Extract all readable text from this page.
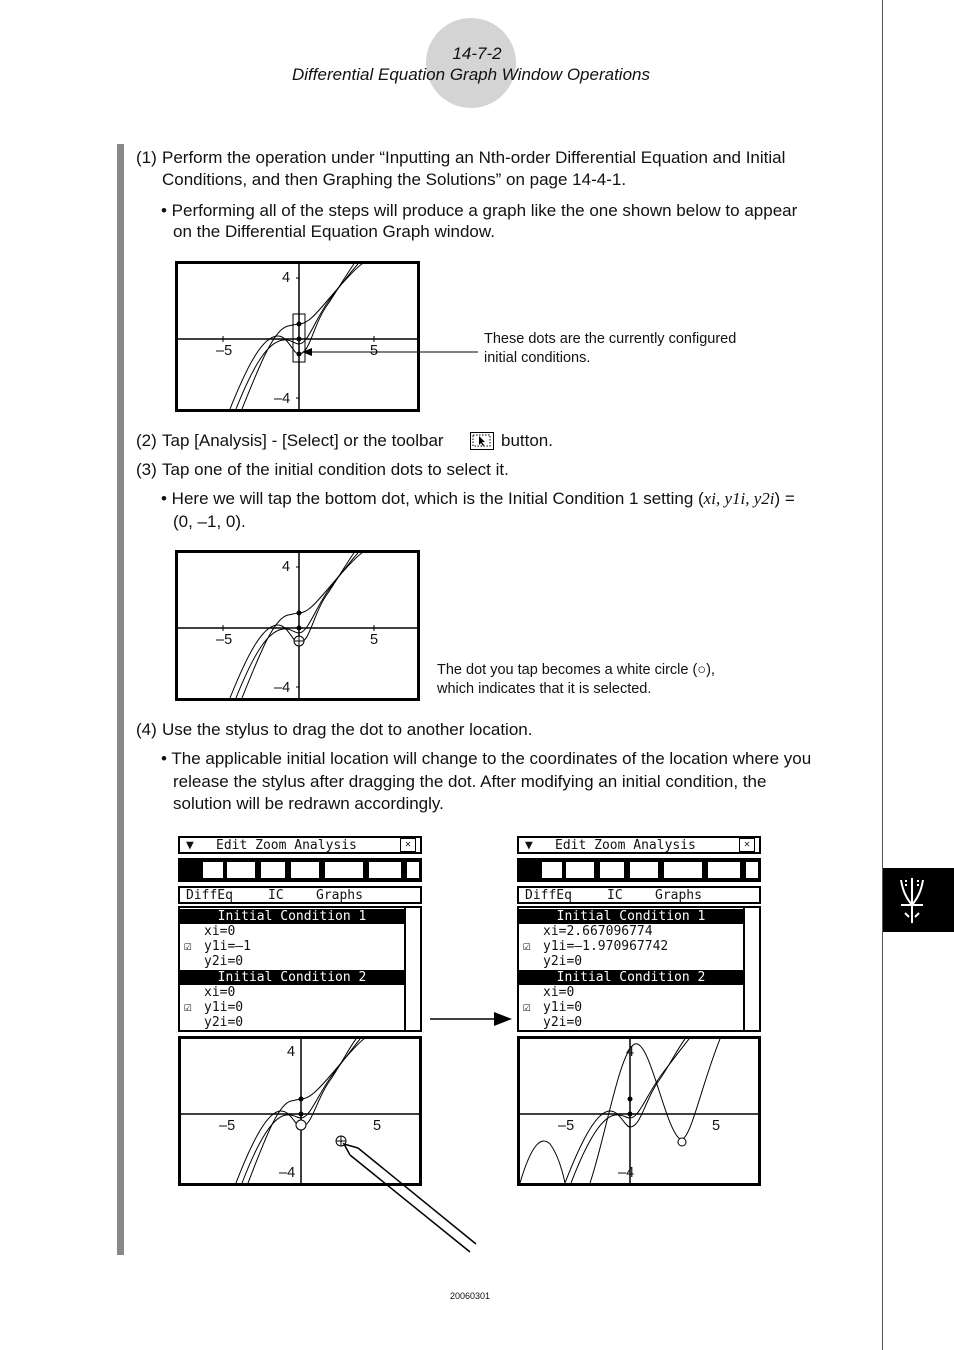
14-7-2
Differential Equation Graph Window Operations
(1) Perform the operation under “Inputting an Nth-order Differential Equation and Initial
Conditions, and then Graphing the Solutions” on page 14-4-1.
• Performing all of the steps will produce a graph like the one shown below to appear
on the Differential Equation Graph window.
4
–4
–5	5
These dots are the currently configured
initial conditions.
(2) Tap [Analysis] - [Select] or the toolbar	button.
(3) Tap one of the initial condition dots to select it.
• Here we will tap the bottom dot, which is the Initial Condition 1 setting (xi, y1i, y2i) =
(0, –1, 0).
4
–4
–5	5
The dot you tap becomes a white circle (○),
which indicates that it is selected.
(4) Use the stylus to drag the dot to another location.
• The applicable initial location will change to the coordinates of the location where you
release the stylus after dragging the dot. After modifying an initial condition, the
solution will be redrawn accordingly.
▼ Edit Zoom Analysis	✕
DiffEq	IC Graphs
Initial Condition 1
xi=0
☑ y1i=–1
y2i=0
Initial Condition 2
xi=0
☑ y1i=0
y2i=0
4
–4
–5	5
▼ Edit Zoom Analysis	✕
DiffEq	IC Graphs
Initial Condition 1
xi=2.667096774
☑ y1i=–1.970967742
y2i=0
Initial Condition 2
xi=0
☑ y1i=0
y2i=0
4
–4
–5	5
20060301
